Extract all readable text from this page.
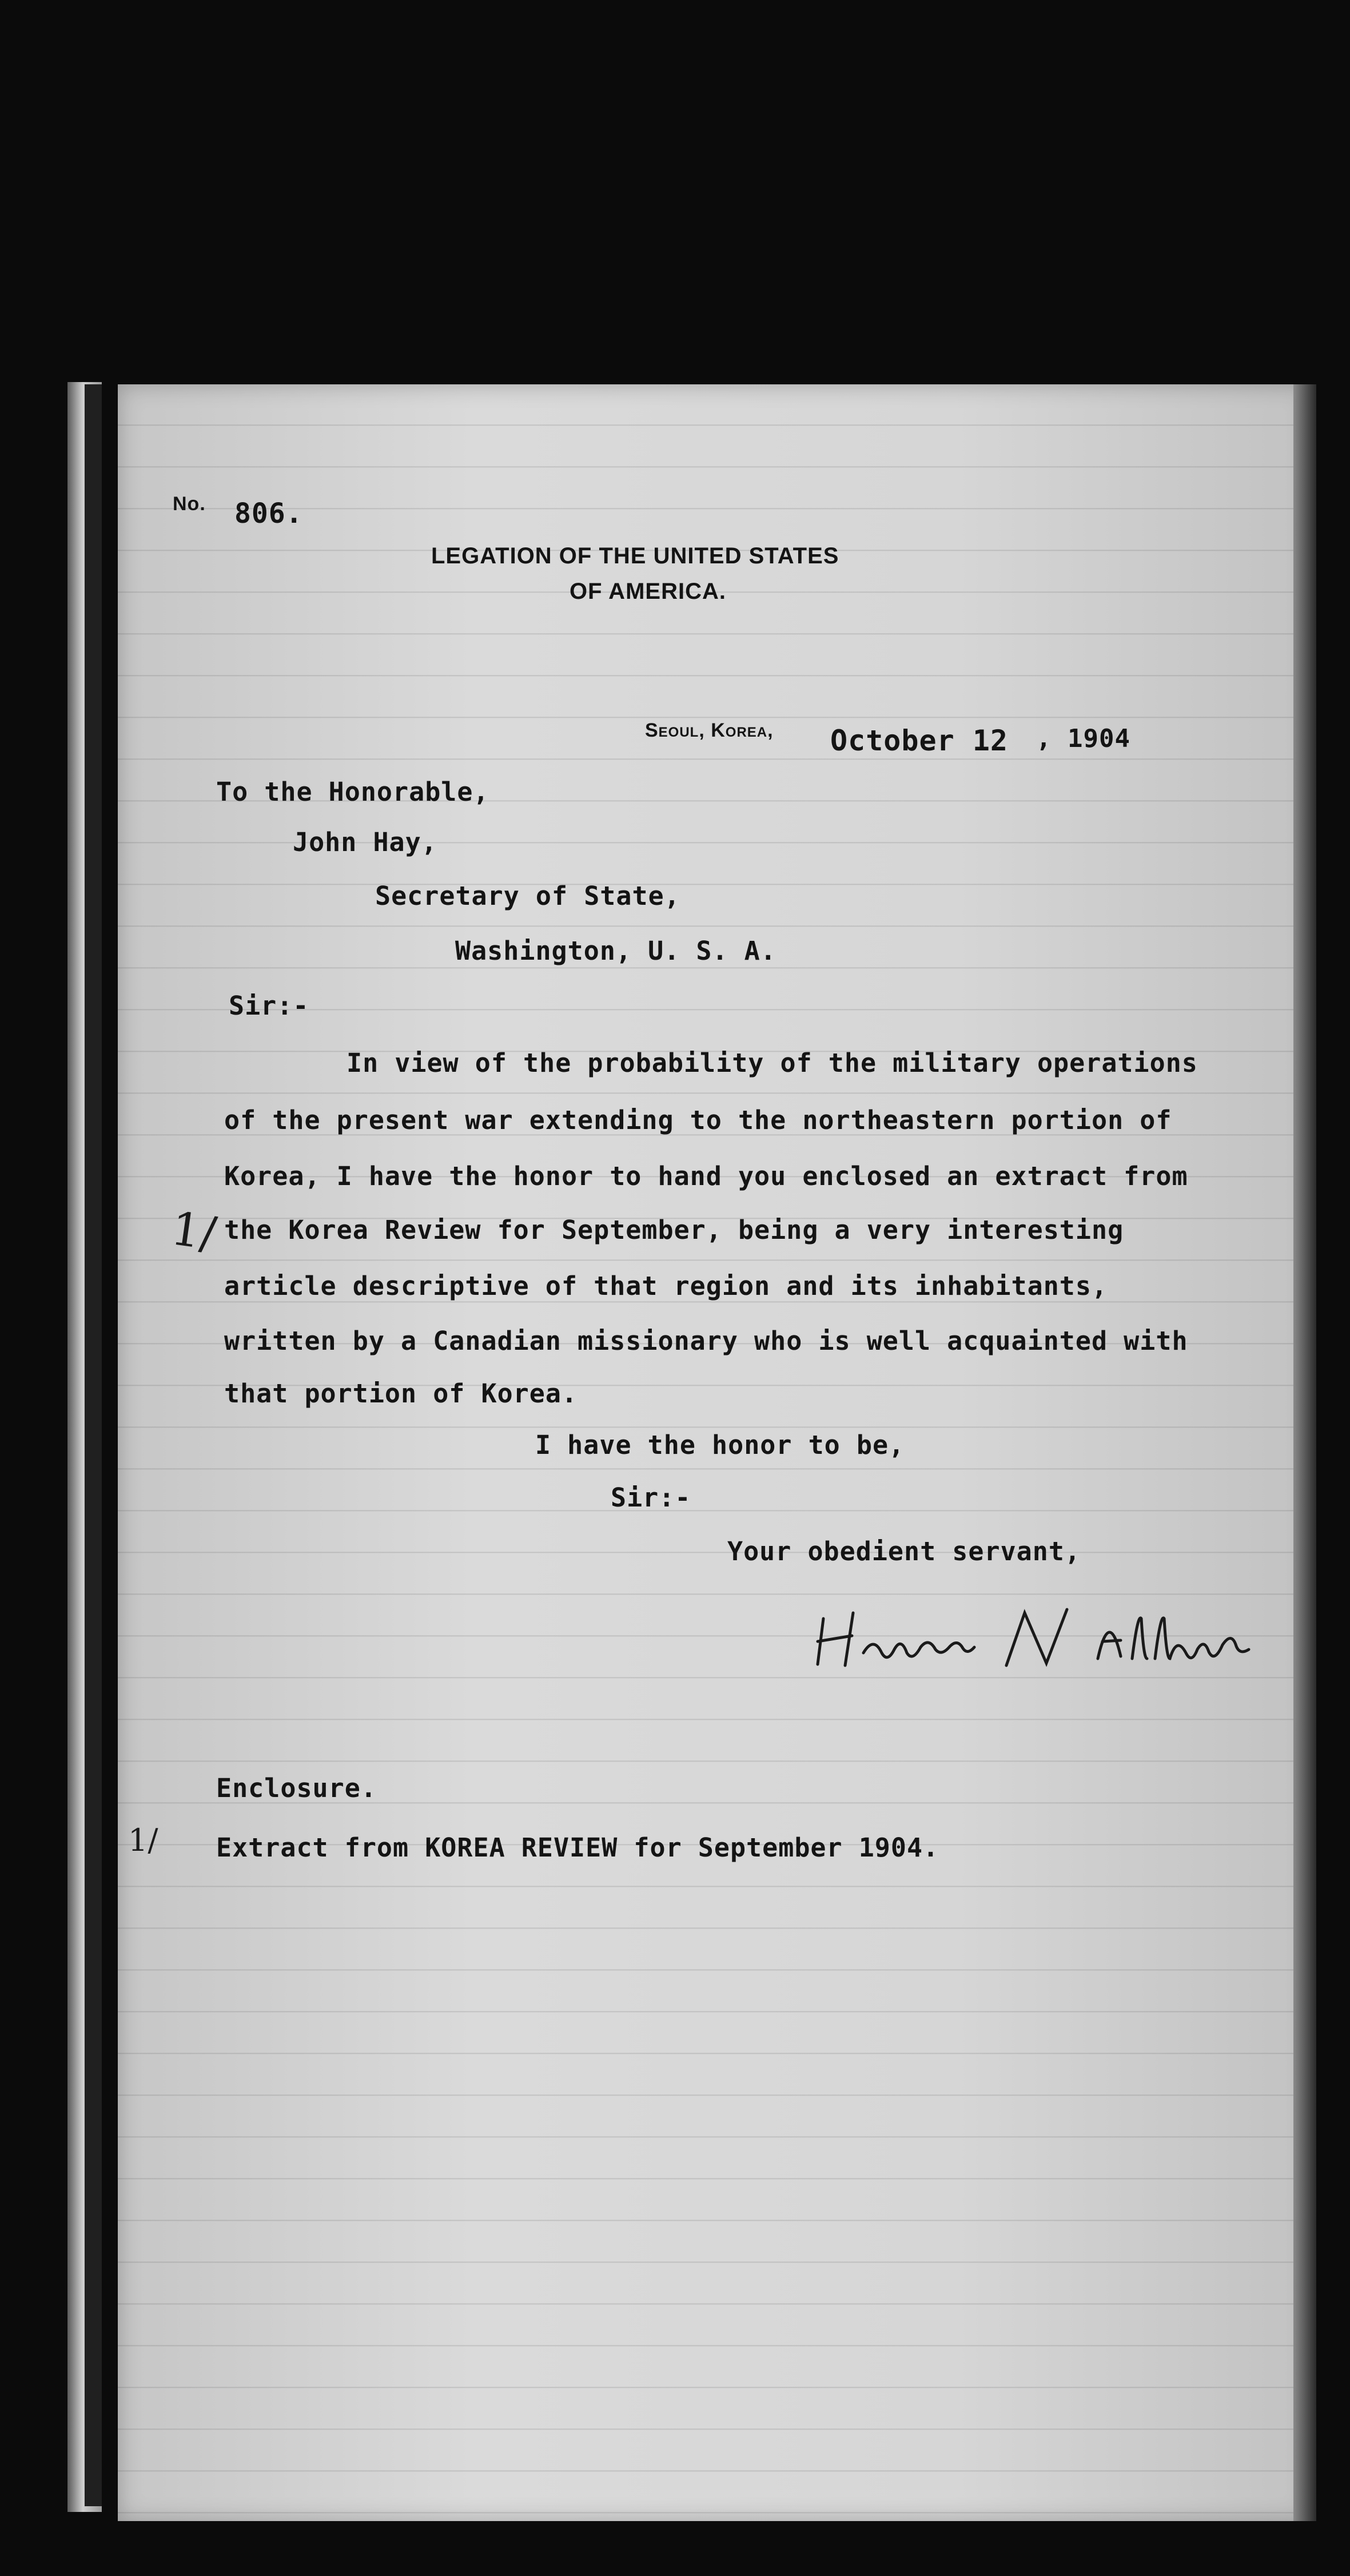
No. 806.
LEGATION OF THE UNITED STATES
OF AMERICA.
Seoul, Korea, October 12 , 1904
To the Honorable,
John Hay,
Secretary of State,
Washington, U. S. A.
Sir:-
In view of the probability of the military operations
of the present war extending to the northeastern portion of
Korea, I have the honor to hand you enclosed an extract from
the Korea Review for September, being a very interesting
article descriptive of that region and its inhabitants,
written by a Canadian missionary who is well acquainted with
that portion of Korea.
1/
I have the honor to be,
Sir:-
Your obedient servant,
Enclosure.
1/ Extract from KOREA REVIEW for September 1904.
